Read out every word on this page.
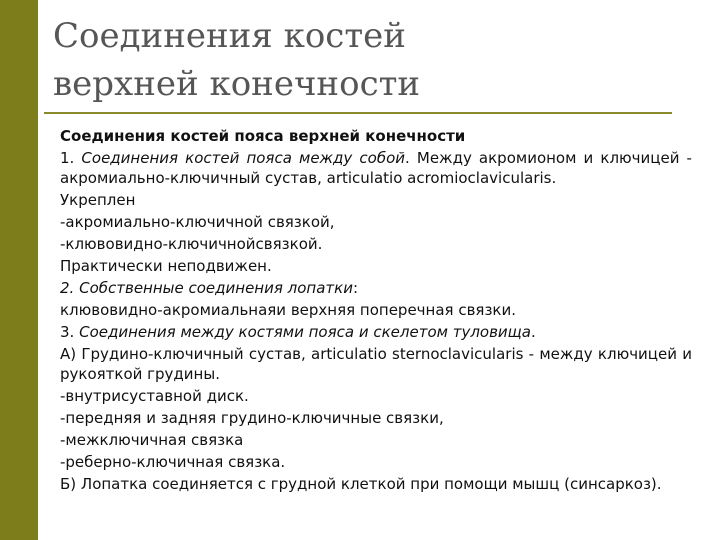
Соединения костей
верхней конечности

Соединения костей пояса верхней конечности

1. Соединения костей пояса между собой. Между акромионом и ключицей - акромиально-ключичный сустав, articulatio acromioclavicularis.

Укреплен

-акромиально-ключичной связкой,

-клювовидно-ключичнойсвязкой.

Практически неподвижен.

2. Собственные соединения лопатки:

клювовидно-акромиальнаяи верхняя поперечная связки.

3. Соединения между костями пояса и скелетом туловища.

А) Грудино-ключичный сустав, articulatio sternoclavicularis - между ключицей и рукояткой грудины.

-внутрисуставной диск.

-передняя и задняя грудино-ключичные связки,

-межключичная связка

-реберно-ключичная связка.

Б) Лопатка соединяется с грудной клеткой при помощи мышц (синсаркоз).
